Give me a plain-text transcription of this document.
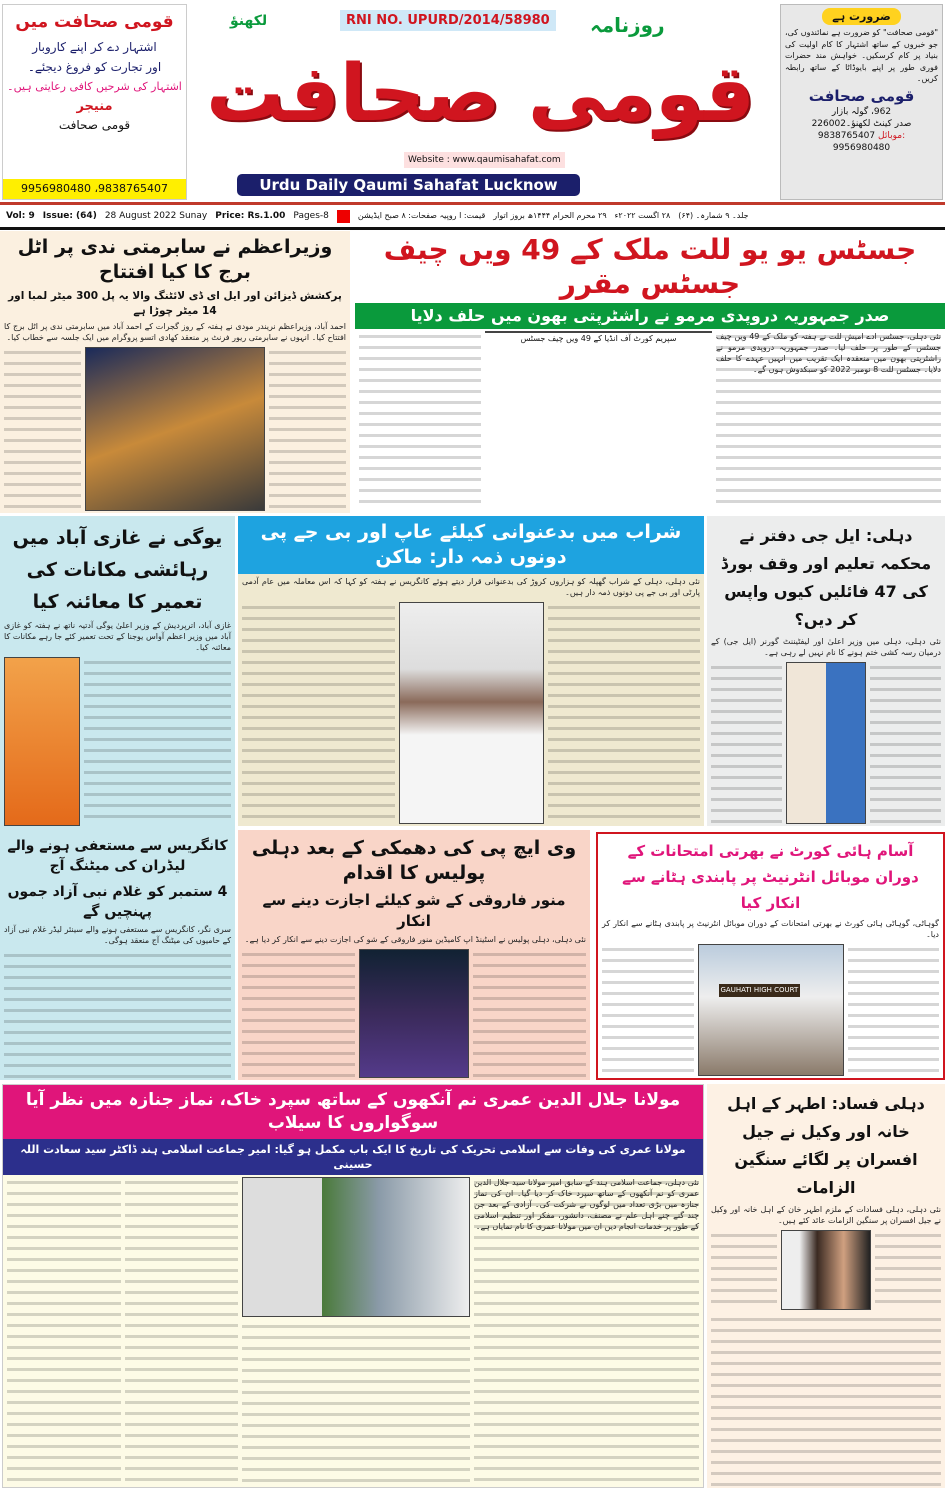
قومی صحافت میں
اشتہار دے کر اپنے کاروبار
اور تجارت کو فروغ دیجئے۔
اشتہار کی شرحیں کافی رعایتی ہیں۔
منیجر
قومی صحافت
9956980480 ،9838765407
لکھنؤ	RNI NO. UPURD/2014/58980	روزنامہ
قومی صحافت
Website : www.qaumisahafat.com
Urdu Daily Qaumi Sahafat Lucknow
ضرورت ہے
"قومی صحافت" کو ضرورت ہے نمائندوں کی، جو خبروں کے ساتھ اشتہار کا کام اولیت کی بنیاد پر کام کرسکیں۔ خواہش مند حضرات فوری طور پر اپنے بایوڈاٹا کے ساتھ رابطہ کریں۔
قومی صحافت
962، گولہ بازار
صدر کینٹ لکھنؤ۔226002
9838765407 موبائل:
9956980480
Vol: 9 Issue: (64) 28 August 2022 Sunay Price: Rs.1.00 Pages-8	قیمت: ا روپیہ صفحات: ۸ صبح ایڈیشن ۲۹ محرم الحرام ۱۴۴۴ھ بروز اتوار ۲۸ اگست ۲۰۲۲ء جلد۔ ۹ شمارہ۔ (۶۴)
وزیراعظم نے سابرمتی ندی پر اٹل برج کا کیا افتتاح
پرکشش ڈیزائن اور ایل ای ڈی لائٹنگ والا یہ پل 300 میٹر لمبا اور 14 میٹر چوڑا ہے
احمد آباد، وزیراعظم نریندر مودی نے ہفتہ کے روز گجرات کے احمد آباد میں سابرمتی ندی پر اٹل برج کا افتتاح کیا۔ انہوں نے سابرمتی ریور فرنٹ پر منعقد کھادی اتسو پروگرام میں ایک جلسہ سے خطاب کیا۔
جسٹس یو یو للت ملک کے 49 ویں چیف جسٹس مقرر
صدر جمہوریہ دروپدی مرمو نے راشٹرپتی بھون میں حلف دلایا
نئی دہلی، جسٹس ادے امیش للت نے ہفتہ کو ملک کے 49 ویں چیف جسٹس کے طور پر حلف لیا۔ صدر جمہوریہ دروپدی مرمو نے راشٹرپتی بھون میں منعقدہ ایک تقریب میں انہیں عہدے کا حلف دلایا۔ جسٹس للت 8 نومبر 2022 کو سبکدوش ہوں گے۔
سپریم کورٹ آف انڈیا کے 49 ویں چیف جسٹس
یوگی نے غازی آباد میں رہائشی مکانات کی تعمیر کا معائنہ کیا
غازی آباد، اترپردیش کے وزیر اعلیٰ یوگی آدتیہ ناتھ نے ہفتہ کو غازی آباد میں وزیر اعظم آواس یوجنا کے تحت تعمیر کئے جا رہے مکانات کا معائنہ کیا۔
کانگریس سے مستعفی ہونے والے لیڈران کی میٹنگ آج
4 ستمبر کو غلام نبی آزاد جموں پہنچیں گے
سری نگر، کانگریس سے مستعفی ہونے والے سینئر لیڈر غلام نبی آزاد کے حامیوں کی میٹنگ آج منعقد ہوگی۔
شراب میں بدعنوانی کیلئے عاپ اور بی جے پی دونوں ذمہ دار: ماکن
نئی دہلی، دہلی کے شراب گھپلہ کو ہزاروں کروڑ کی بدعنوانی قرار دیتے ہوئے کانگریس نے ہفتہ کو کہا کہ اس معاملہ میں عام آدمی پارٹی اور بی جے پی دونوں ذمہ دار ہیں۔
دہلی: ایل جی دفتر نے محکمہ تعلیم اور وقف بورڈ کی 47 فائلیں کیوں واپس کر دیں؟
نئی دہلی، دہلی میں وزیر اعلیٰ اور لیفٹیننٹ گورنر (ایل جی) کے درمیان رسہ کشی ختم ہونے کا نام نہیں لے رہی ہے۔
وی ایچ پی کی دھمکی کے بعد دہلی پولیس کا اقدام
منور فاروقی کے شو کیلئے اجازت دینے سے انکار
نئی دہلی، دہلی پولیس نے اسٹینڈ اپ کامیڈین منور فاروقی کے شو کی اجازت دینے سے انکار کر دیا ہے۔
آسام ہائی کورٹ نے بھرتی امتحانات کے دوران موبائل انٹرنیٹ پر پابندی ہٹانے سے انکار کیا
گوہاٹی، گوہاٹی ہائی کورٹ نے بھرتی امتحانات کے دوران موبائل انٹرنیٹ پر پابندی ہٹانے سے انکار کر دیا۔
GAUHATI HIGH COURT
مولانا جلال الدین عمری نم آنکھوں کے ساتھ سپرد خاک، نماز جنازہ میں نظر آیا سوگواروں کا سیلاب
مولانا عمری کی وفات سے اسلامی تحریک کی تاریخ کا ایک باب مکمل ہو گیا: امیر جماعت اسلامی ہند ڈاکٹر سید سعادت اللہ حسینی
نئی دہلی، جماعت اسلامی ہند کے سابق امیر مولانا سید جلال الدین عمری کو نم آنکھوں کے ساتھ سپرد خاک کر دیا گیا۔ ان کی نماز جنازہ میں بڑی تعداد میں لوگوں نے شرکت کی۔ آزادی کے بعد جن چند گنے چنے اہل علم نے مصنف، دانشور، مفکر اور تنظیم اسلامی کے طور پر خدمات انجام دیں ان میں مولانا عمری کا نام نمایاں ہے۔
دہلی فساد: اطہر کے اہل خانہ اور وکیل نے جیل افسران پر لگائے سنگین الزامات
نئی دہلی، دہلی فسادات کے ملزم اطہر خان کے اہل خانہ اور وکیل نے جیل افسران پر سنگین الزامات عائد کئے ہیں۔
